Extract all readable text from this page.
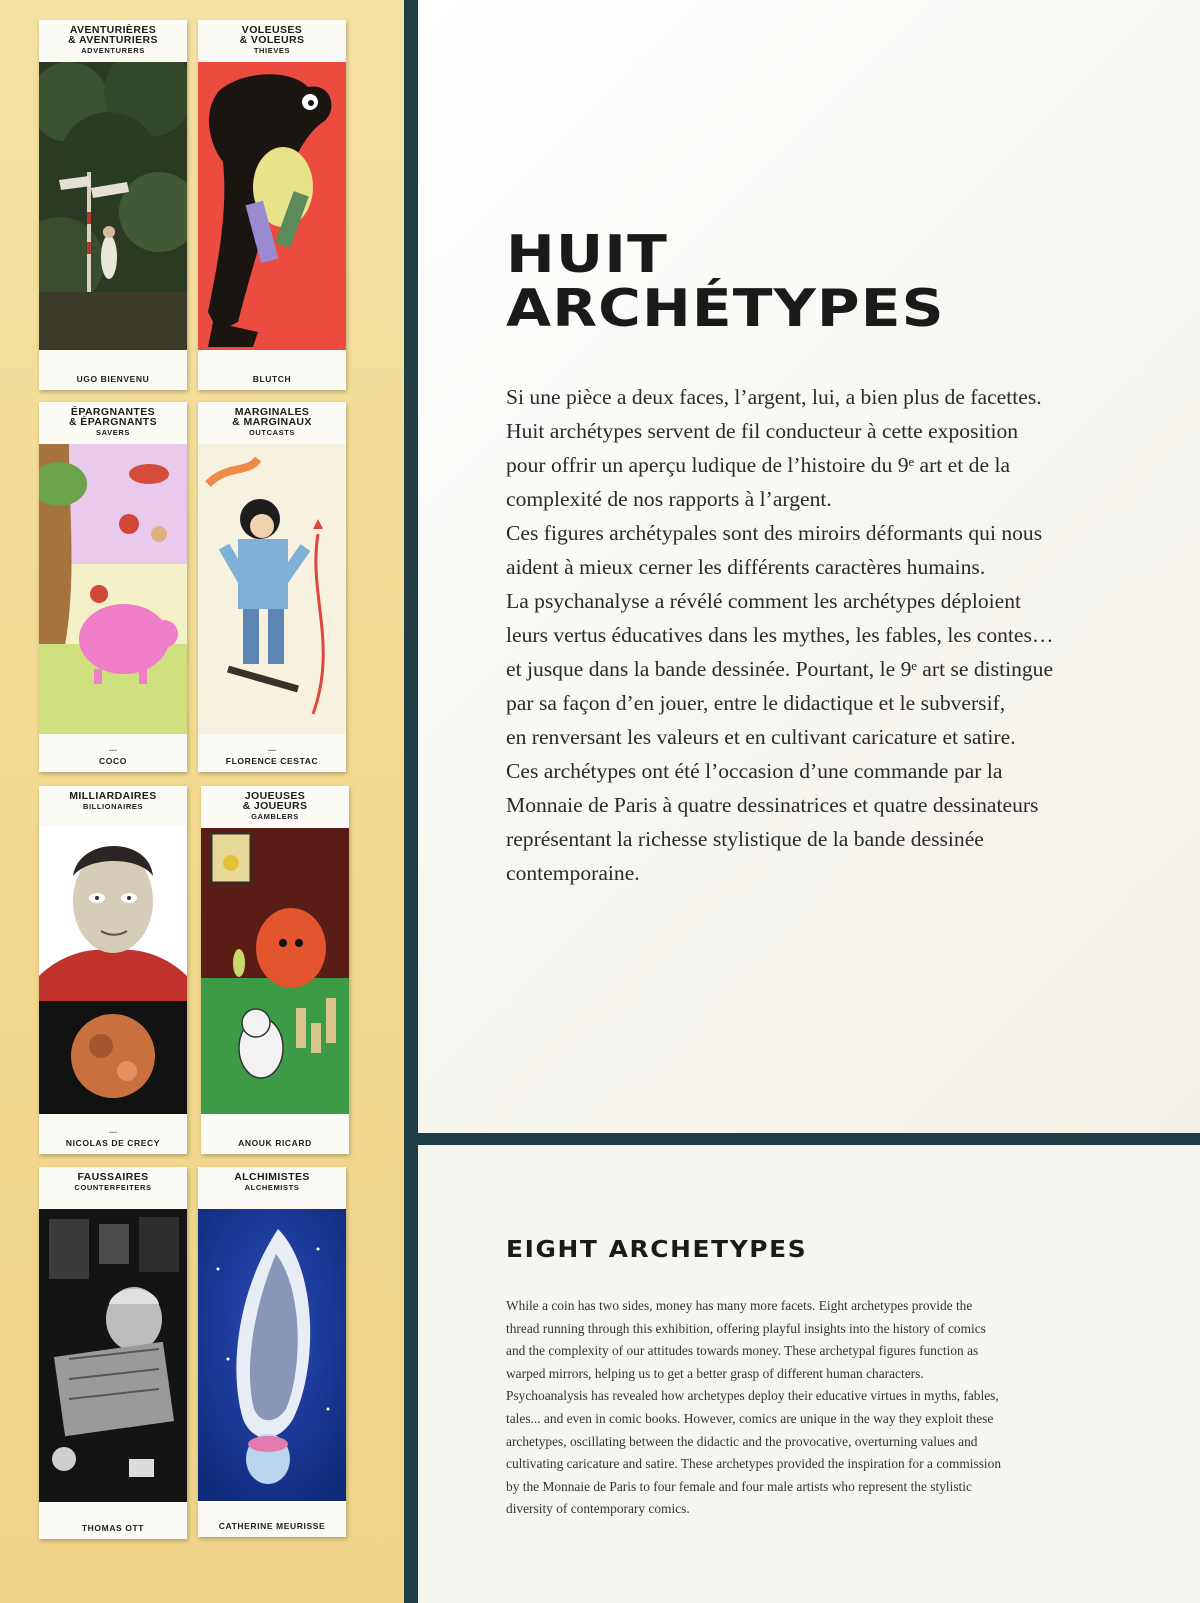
AVENTURIÈRES
& AVENTURIERS
ADVENTURERS
UGO BIENVENU
VOLEUSES
& VOLEURS
THIEVES
BLUTCH
ÉPARGNANTES
& ÉPARGNANTS
SAVERS
▬▬
COCO
MARGINALES
& MARGINAUX
OUTCASTS
▬▬
FLORENCE CESTAC
MILLIARDAIRES
BILLIONAIRES
▬▬
NICOLAS DE CRECY
JOUEUSES
& JOUEURS
GAMBLERS
ANOUK RICARD
FAUSSAIRES
COUNTERFEITERS
THOMAS OTT
ALCHIMISTES
ALCHEMISTS
CATHERINE MEURISSE
HUIT
ARCHÉTYPES

Si une pièce a deux faces, l’argent, lui, a bien plus de facettes.

Huit archétypes servent de fil conducteur à cette exposition

pour offrir un aperçu ludique de l’histoire du 9ᵉ art et de la

complexité de nos rapports à l’argent.

Ces figures archétypales sont des miroirs déformants qui nous

aident à mieux cerner les différents caractères humains.

La psychanalyse a révélé comment les archétypes déploient

leurs vertus éducatives dans les mythes, les fables, les contes…

et jusque dans la bande dessinée. Pourtant, le 9ᵉ art se distingue

par sa façon d’en jouer, entre le didactique et le subversif,

en renversant les valeurs et en cultivant caricature et satire.

Ces archétypes ont été l’occasion d’une commande par la

Monnaie de Paris à quatre dessinatrices et quatre dessinateurs

représentant la richesse stylistique de la bande dessinée

contemporaine.

EIGHT ARCHETYPES

While a coin has two sides, money has many more facets. Eight archetypes provide the

thread running through this exhibition, offering playful insights into the history of comics

and the complexity of our attitudes towards money. These archetypal figures function as

warped mirrors, helping us to get a better grasp of different human characters.

Psychoanalysis has revealed how archetypes deploy their educative virtues in myths, fables,

tales... and even in comic books. However, comics are unique in the way they exploit these

archetypes, oscillating between the didactic and the provocative, overturning values and

cultivating caricature and satire. These archetypes provided the inspiration for a commission

by the Monnaie de Paris to four female and four male artists who represent the stylistic

diversity of contemporary comics.
